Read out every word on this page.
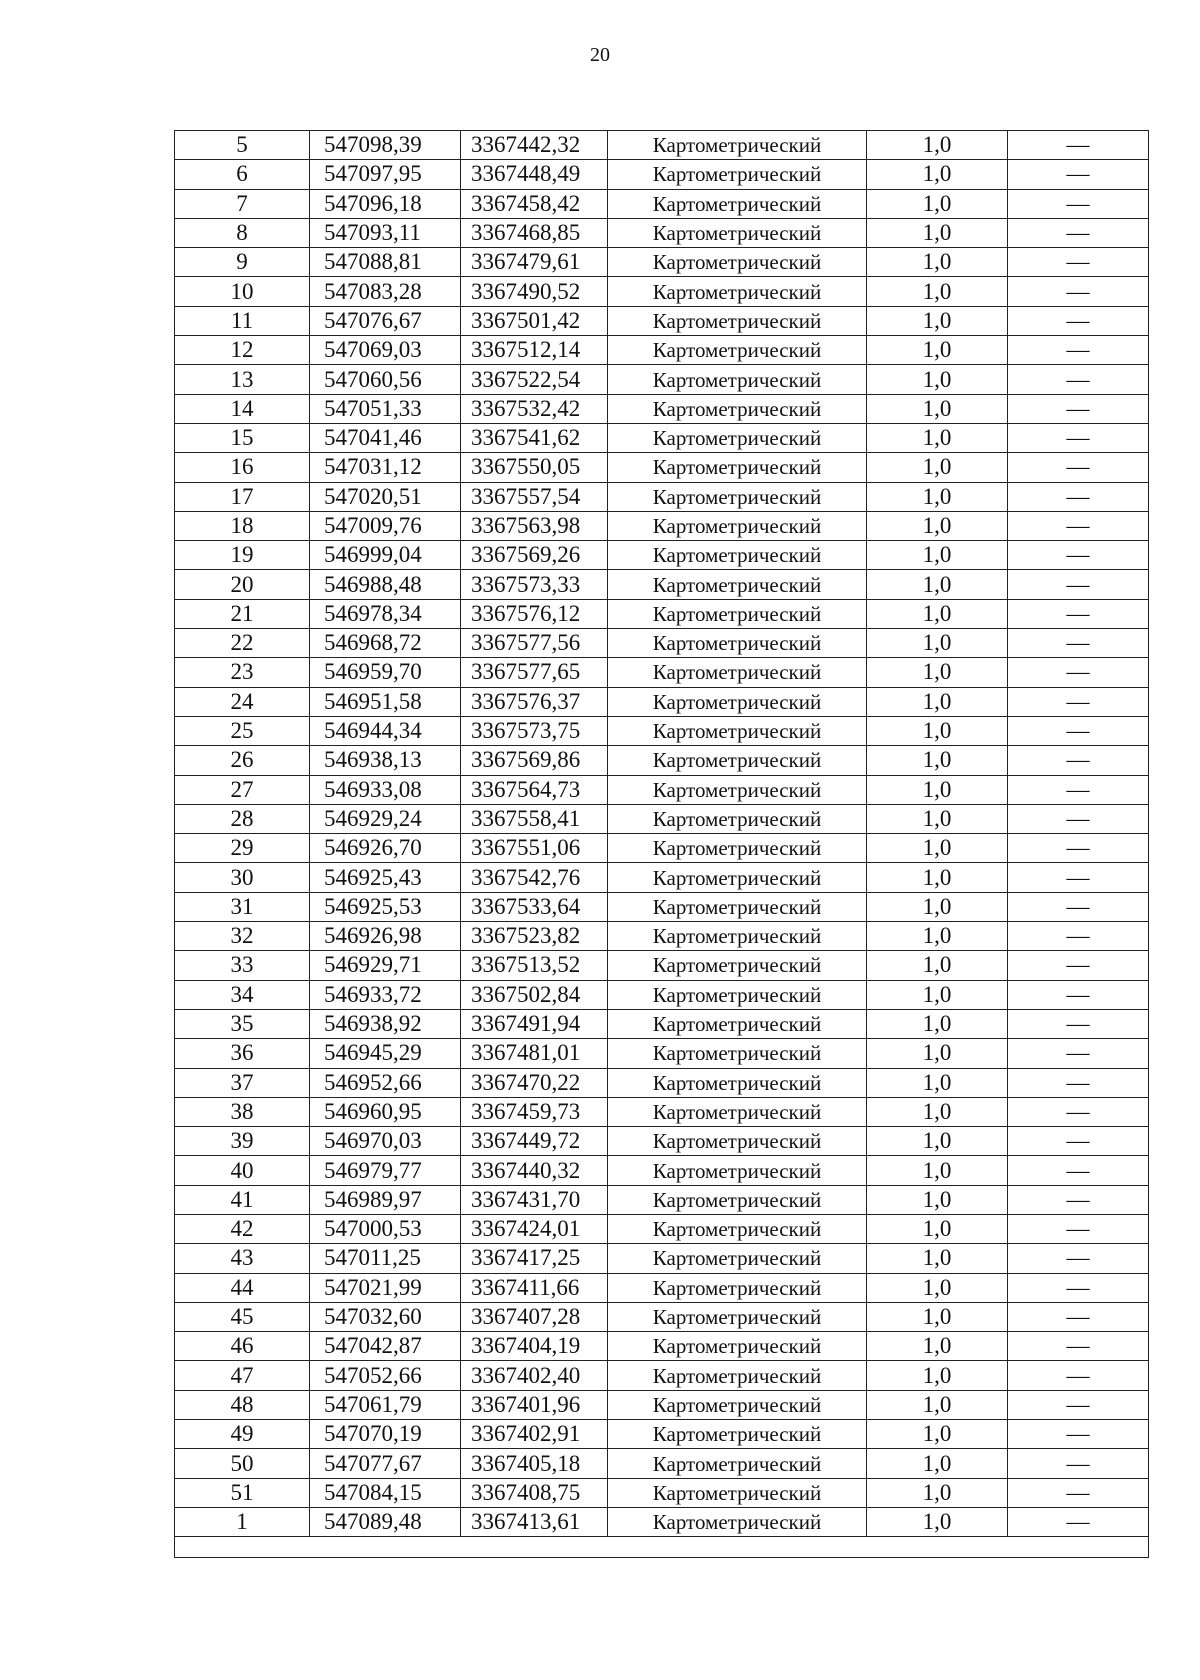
20
5	547098,39	3367442,32	Картометрический	1,0	—
6	547097,95	3367448,49	Картометрический	1,0	—
7	547096,18	3367458,42	Картометрический	1,0	—
8	547093,11	3367468,85	Картометрический	1,0	—
9	547088,81	3367479,61	Картометрический	1,0	—
10	547083,28	3367490,52	Картометрический	1,0	—
11	547076,67	3367501,42	Картометрический	1,0	—
12	547069,03	3367512,14	Картометрический	1,0	—
13	547060,56	3367522,54	Картометрический	1,0	—
14	547051,33	3367532,42	Картометрический	1,0	—
15	547041,46	3367541,62	Картометрический	1,0	—
16	547031,12	3367550,05	Картометрический	1,0	—
17	547020,51	3367557,54	Картометрический	1,0	—
18	547009,76	3367563,98	Картометрический	1,0	—
19	546999,04	3367569,26	Картометрический	1,0	—
20	546988,48	3367573,33	Картометрический	1,0	—
21	546978,34	3367576,12	Картометрический	1,0	—
22	546968,72	3367577,56	Картометрический	1,0	—
23	546959,70	3367577,65	Картометрический	1,0	—
24	546951,58	3367576,37	Картометрический	1,0	—
25	546944,34	3367573,75	Картометрический	1,0	—
26	546938,13	3367569,86	Картометрический	1,0	—
27	546933,08	3367564,73	Картометрический	1,0	—
28	546929,24	3367558,41	Картометрический	1,0	—
29	546926,70	3367551,06	Картометрический	1,0	—
30	546925,43	3367542,76	Картометрический	1,0	—
31	546925,53	3367533,64	Картометрический	1,0	—
32	546926,98	3367523,82	Картометрический	1,0	—
33	546929,71	3367513,52	Картометрический	1,0	—
34	546933,72	3367502,84	Картометрический	1,0	—
35	546938,92	3367491,94	Картометрический	1,0	—
36	546945,29	3367481,01	Картометрический	1,0	—
37	546952,66	3367470,22	Картометрический	1,0	—
38	546960,95	3367459,73	Картометрический	1,0	—
39	546970,03	3367449,72	Картометрический	1,0	—
40	546979,77	3367440,32	Картометрический	1,0	—
41	546989,97	3367431,70	Картометрический	1,0	—
42	547000,53	3367424,01	Картометрический	1,0	—
43	547011,25	3367417,25	Картометрический	1,0	—
44	547021,99	3367411,66	Картометрический	1,0	—
45	547032,60	3367407,28	Картометрический	1,0	—
46	547042,87	3367404,19	Картометрический	1,0	—
47	547052,66	3367402,40	Картометрический	1,0	—
48	547061,79	3367401,96	Картометрический	1,0	—
49	547070,19	3367402,91	Картометрический	1,0	—
50	547077,67	3367405,18	Картометрический	1,0	—
51	547084,15	3367408,75	Картометрический	1,0	—
1	547089,48	3367413,61	Картометрический	1,0	—
